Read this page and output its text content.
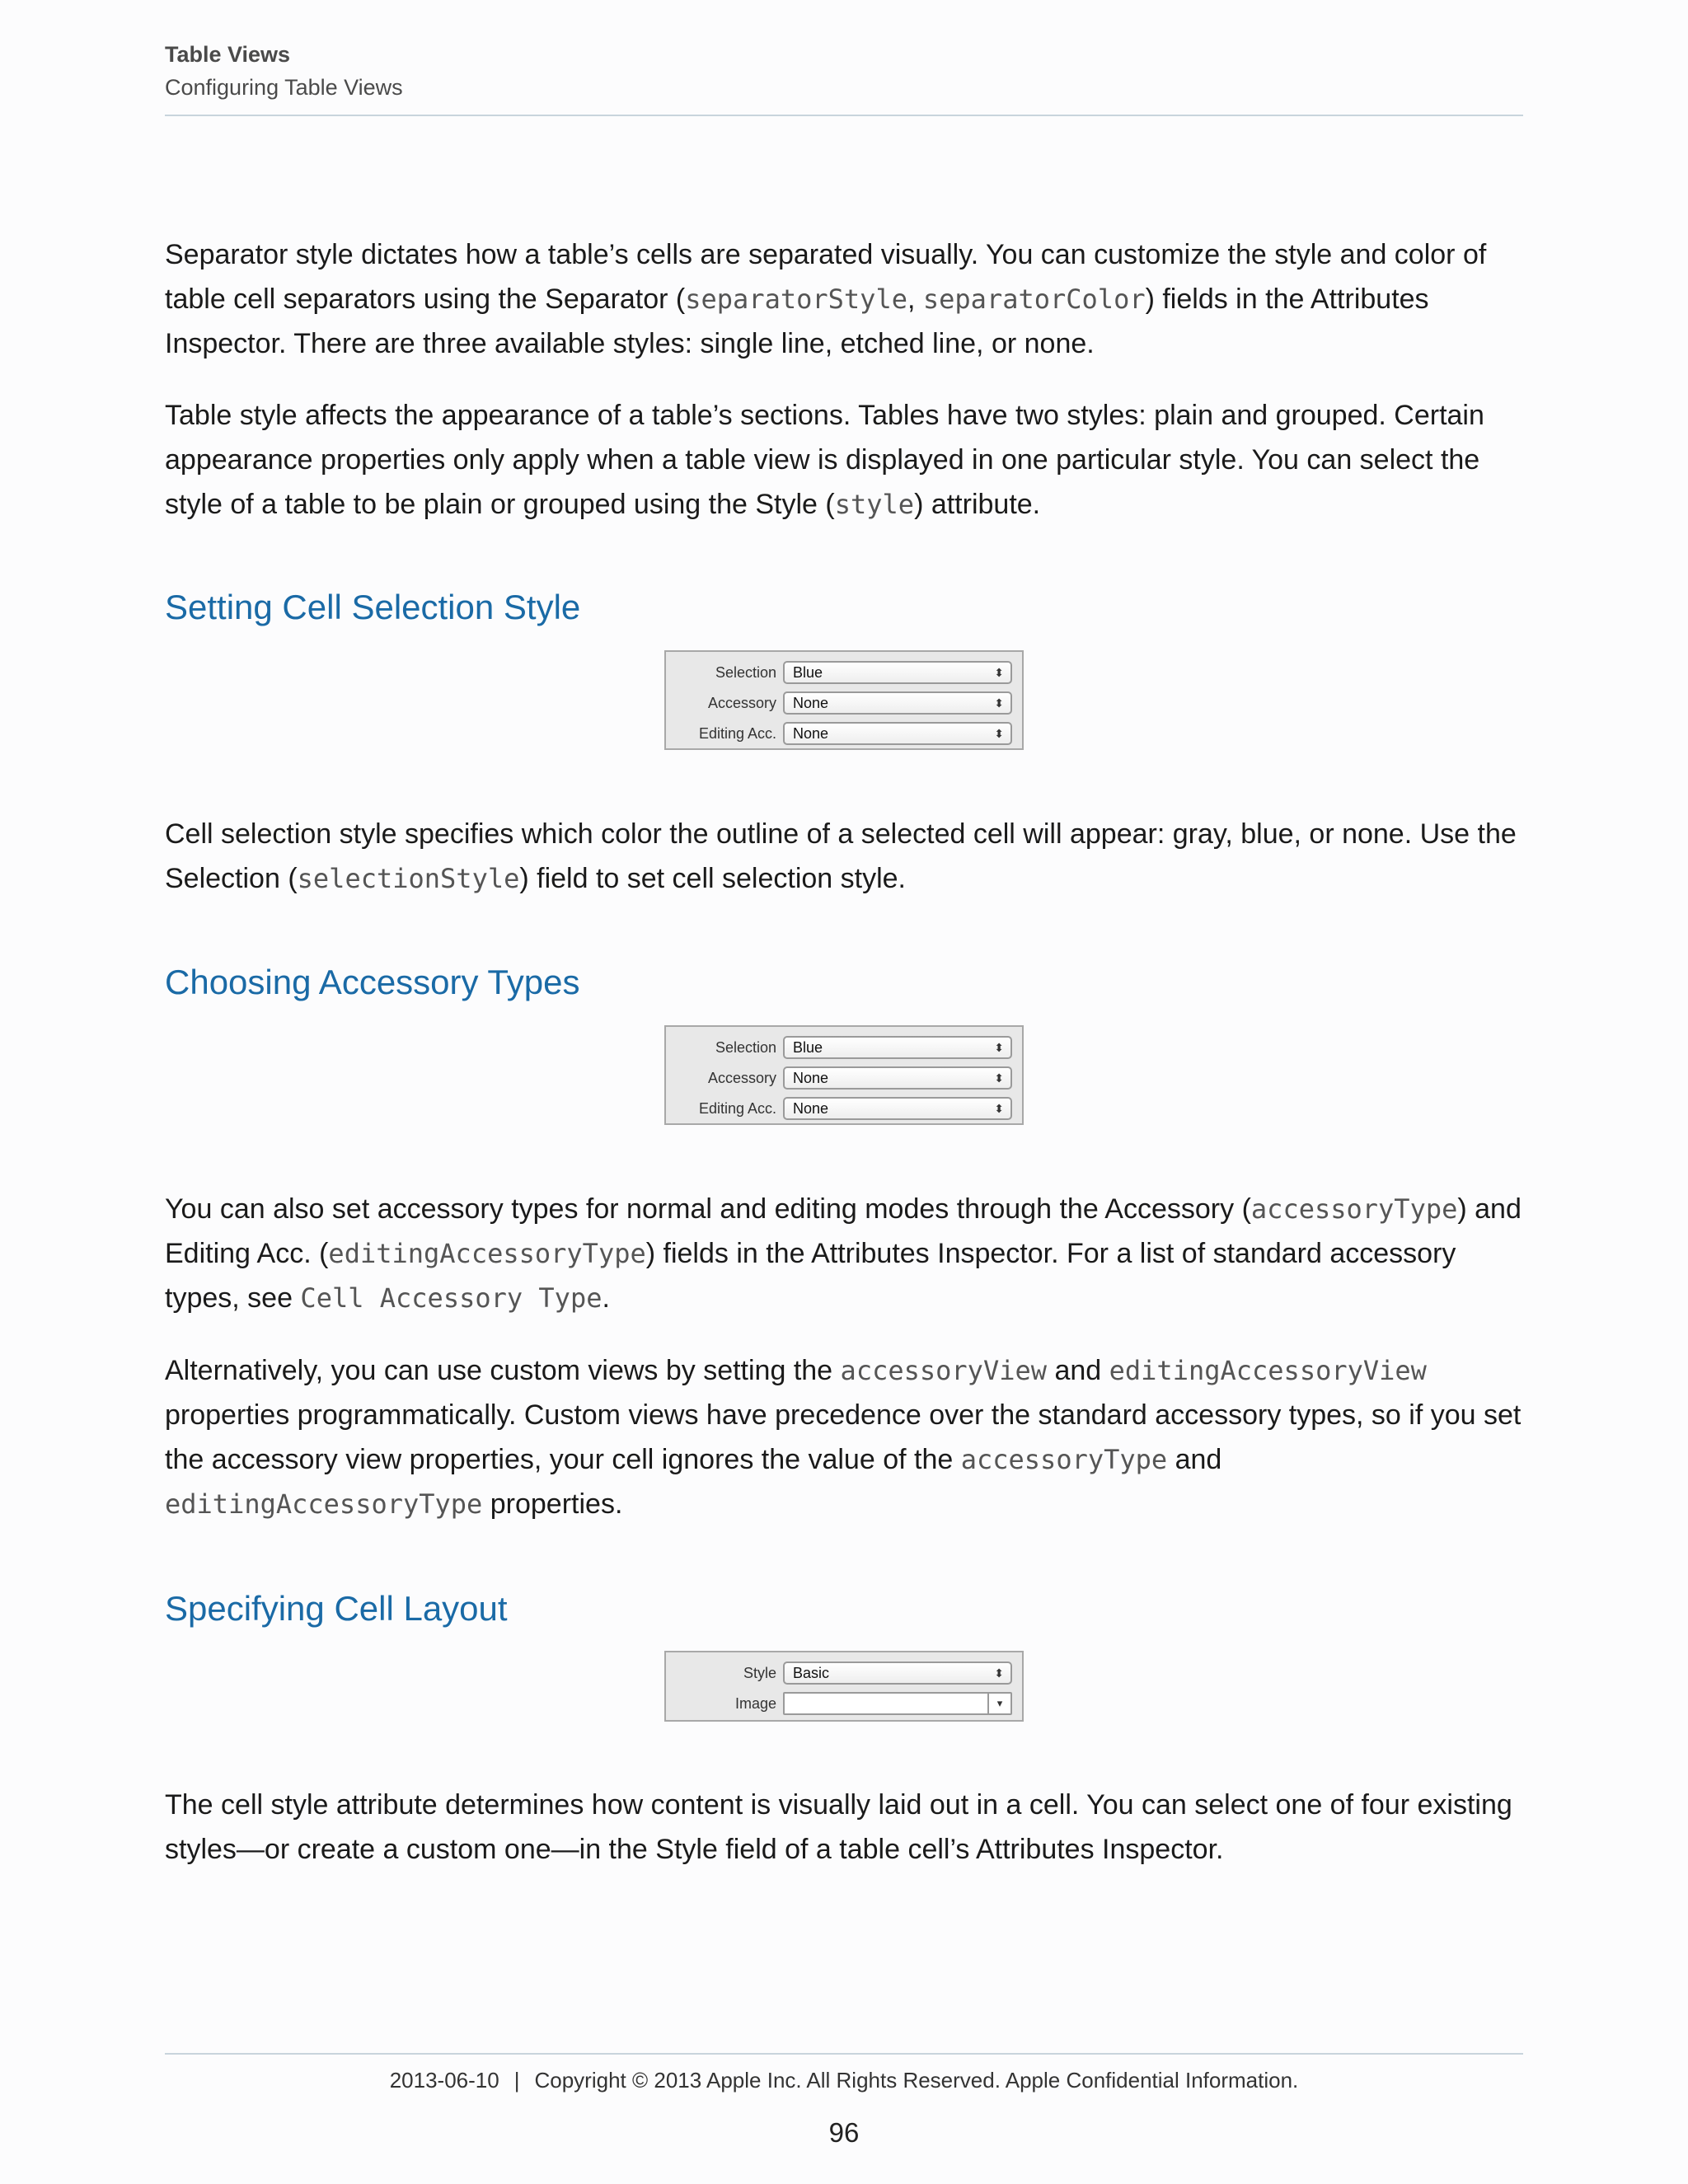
Table Views
Configuring Table Views

Separator style dictates how a table’s cells are separated visually. You can customize the style and color of table cell separators using the Separator (separatorStyle, separatorColor) fields in the Attributes Inspector. There are three available styles: single line, etched line, or none.

Table style affects the appearance of a table’s sections. Tables have two styles: plain and grouped. Certain appearance properties only apply when a table view is displayed in one particular style. You can select the style of a table to be plain or grouped using the Style (style) attribute.

Setting Cell Selection Style
Selection Blue	⬍
Accessory None	⬍
Editing Acc. None	⬍

Cell selection style specifies which color the outline of a selected cell will appear: gray, blue, or none. Use the Selection (selectionStyle) field to set cell selection style.

Choosing Accessory Types
Selection Blue	⬍
Accessory None	⬍
Editing Acc. None	⬍

You can also set accessory types for normal and editing modes through the Accessory (accessoryType) and Editing Acc. (editingAccessoryType) fields in the Attributes Inspector. For a list of standard accessory types, see Cell Accessory Type.

Alternatively, you can use custom views by setting the accessoryView and editingAccessoryView properties programmatically. Custom views have precedence over the standard accessory types, so if you set the accessory view properties, your cell ignores the value of the accessoryType and editingAccessoryType properties.

Specifying Cell Layout
Style Basic	⬍
Image	▾

The cell style attribute determines how content is visually laid out in a cell. You can select one of four existing styles—or create a custom one—in the Style field of a table cell’s Attributes Inspector.

2013-06-10 | Copyright © 2013 Apple Inc. All Rights Reserved. Apple Confidential Information.
96
